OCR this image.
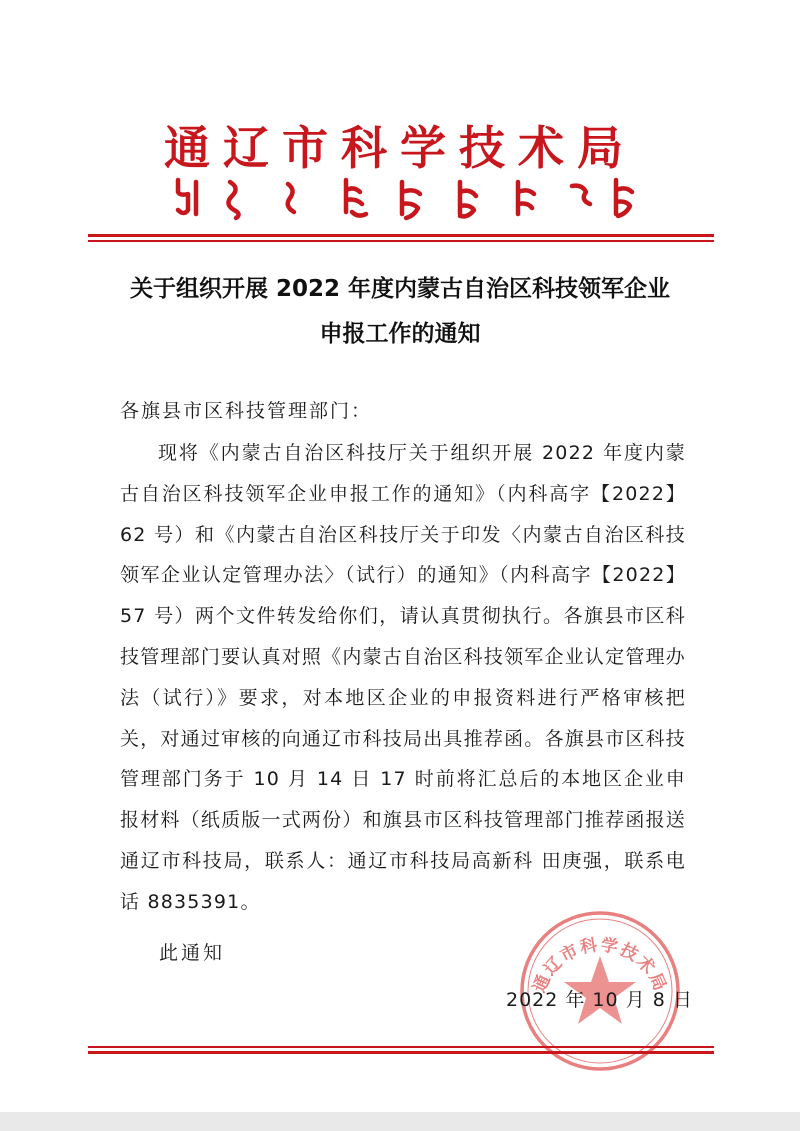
通辽市科学技术局
关于组织开展 2022 年度内蒙古自治区科技领军企业
申报工作的通知
各旗县市区科技管理部门：

现将《内蒙古自治区科技厅关于组织开展 2022 年度内蒙古自治区科技领军企业申报工作的通知》（内科高字【2022】62 号）和《内蒙古自治区科技厅关于印发〈内蒙古自治区科技领军企业认定管理办法〉（试行）的通知》（内科高字【2022】57 号）两个文件转发给你们，请认真贯彻执行。各旗县市区科技管理部门要认真对照《内蒙古自治区科技领军企业认定管理办法（试行）》要求，对本地区企业的申报资料进行严格审核把关，对通过审核的向通辽市科技局出具推荐函。各旗县市区科技管理部门务于 10 月 14 日 17 时前将汇总后的本地区企业申报材料（纸质版一式两份）和旗县市区科技管理部门推荐函报送通辽市科技局，联系人：通辽市科技局高新科 田庚强，联系电话 8835391。

此通知
通辽市科学技术局
2022 年 10 月 8 日
